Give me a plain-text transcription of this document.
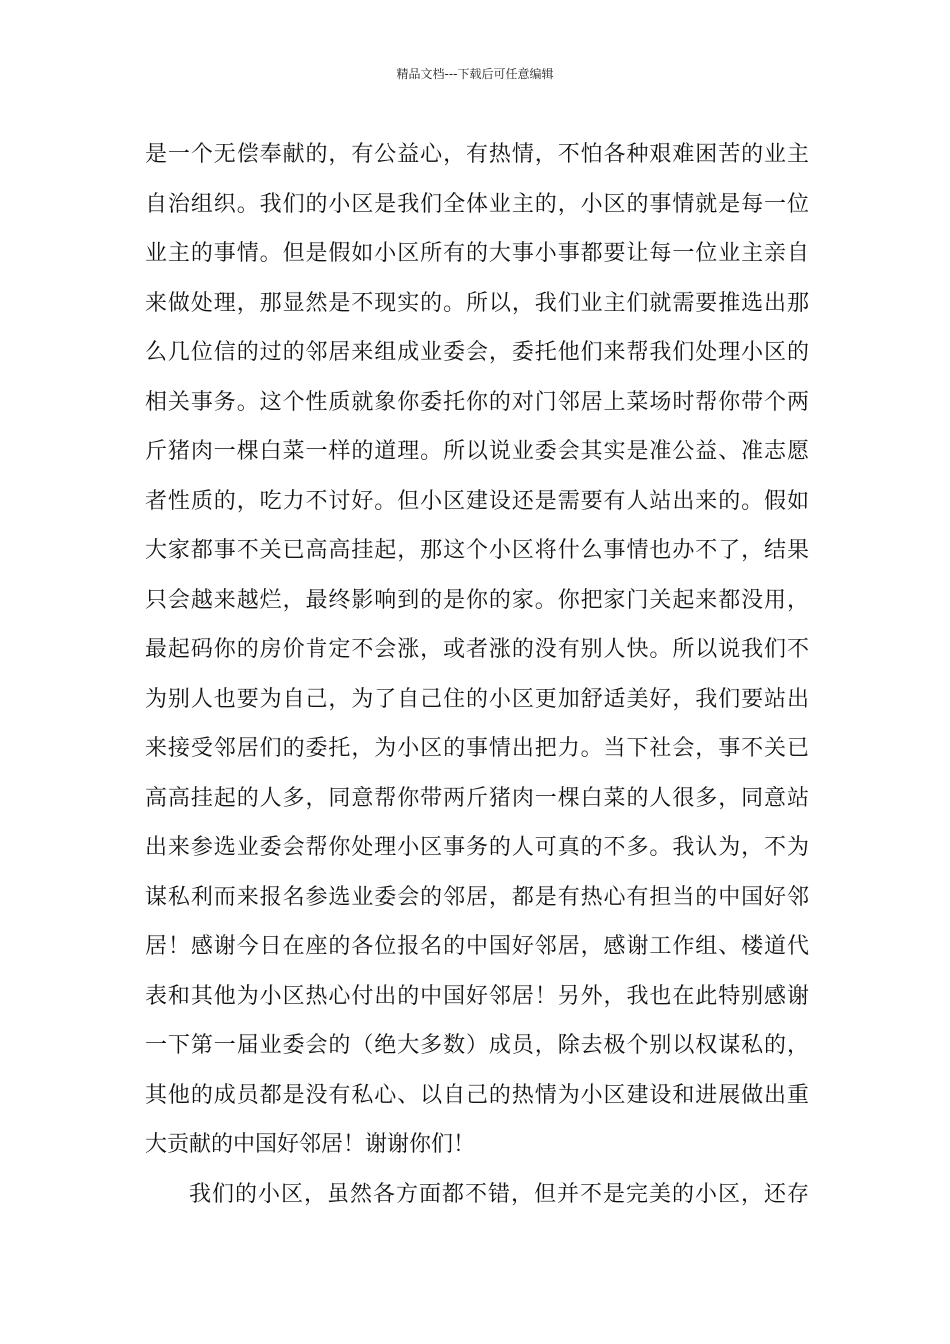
精品文档---下载后可任意编辑
是一个无偿奉献的，有公益心，有热情，不怕各种艰难困苦的业主
自治组织。我们的小区是我们全体业主的，小区的事情就是每一位
业主的事情。但是假如小区所有的大事小事都要让每一位业主亲自
来做处理，那显然是不现实的。所以，我们业主们就需要推选出那
么几位信的过的邻居来组成业委会，委托他们来帮我们处理小区的
相关事务。这个性质就象你委托你的对门邻居上菜场时帮你带个两
斤猪肉一棵白菜一样的道理。所以说业委会其实是准公益、准志愿
者性质的，吃力不讨好。但小区建设还是需要有人站出来的。假如
大家都事不关已高高挂起，那这个小区将什么事情也办不了，结果
只会越来越烂，最终影响到的是你的家。你把家门关起来都没用，
最起码你的房价肯定不会涨，或者涨的没有别人快。所以说我们不
为别人也要为自己，为了自己住的小区更加舒适美好，我们要站出
来接受邻居们的委托，为小区的事情出把力。当下社会，事不关已
高高挂起的人多，同意帮你带两斤猪肉一棵白菜的人很多，同意站
出来参选业委会帮你处理小区事务的人可真的不多。我认为，不为
谋私利而来报名参选业委会的邻居，都是有热心有担当的中国好邻
居！感谢今日在座的各位报名的中国好邻居，感谢工作组、楼道代
表和其他为小区热心付出的中国好邻居！另外，我也在此特别感谢
一下第一届业委会的（绝大多数）成员，除去极个别以权谋私的，
其他的成员都是没有私心、以自己的热情为小区建设和进展做出重
大贡献的中国好邻居！谢谢你们！
我们的小区，虽然各方面都不错，但并不是完美的小区，还存
